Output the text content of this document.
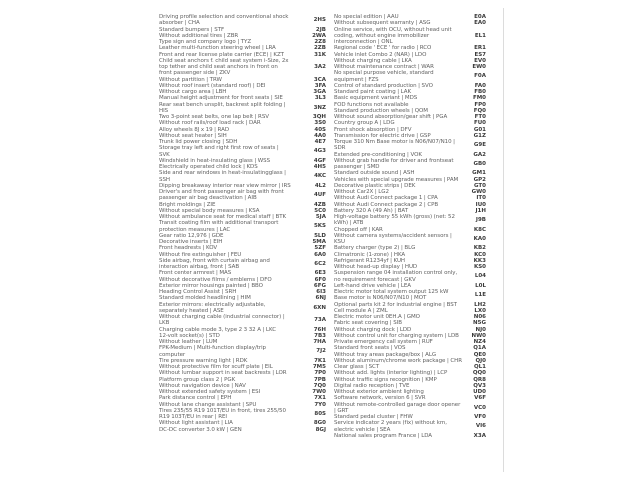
Driving profile selection and conventional shock absorber | CHA
2HS
Standard bumpers | STF	2JB
Without additional tires | ZBR	2WA
Type sign and company logo | TYZ	2Z8
Leather multi-function steering wheel | LRA	2ZB
Front and rear license plate carrier (ECE) | KZT	31K
Child seat anchors f. child seat system i-Size, 2x top tether and child seat anchors in front on front passenger side | ZKV
3A2
Without partition | TRW	3CA
Without roof insert (standard roof) | DEI	3FA
Without cargo area | LBH	3GA
Manual height adjustment for front seats | SIE	3L3
Rear seat bench unsplit, backrest split folding | HIS
3NZ
Two 3-point seat belts, one lap belt | RSV	3QH
Without roof rails/roof load rack | DAR	3S0
Alloy wheels 8J x 19 | RAD	40S
Without seat heater | SIH	4A0
Trunk lid power closing | SDH	4E7
Storage tray left and right first row of seats | SVK
4G3
Windshield in heat-insulating glass | WSS	4GF
Electrically operated child lock | KDS	4H5
Side and rear windows in heat-insulatingglass | SSH
4KC
Dipping breakaway interior rear view mirror | IRS	4L2
Driver's and front passenger air bag with front passenger air bag deactivation | AIB
4UF
Bright moldings | ZIE	4ZB
Without special body measures | KSA	5C0
Without ambulance seat for medical staff | BTK	5JA
Transit coating film with additional transport protection measures | LAC
5KS
Gear ratio 12,976 | GDE	5LD
Decorative inserts | EIH	5MA
Front headrests | KOV	5ZF
Without fire extinguisher | FEU	6A0
Side airbag, front with curtain airbag and interaction airbag, front | SAB
6C2
Front center armrest | MAS	6E3
Without decorative films / emblems | DFO	6F0
Exterior mirror housings painted | BBO	6FG
Heading Control Assist | SRH	6I3
Standard molded headlining | HIM	6NJ
Exterior mirrors: electrically adjustable, separately heated | ASE
6XN
Without charging cable (industrial connector) | LKB
73A
Charging cable mode 3, type 2 3 32 A | LKC	76H
12-volt socket(s) | STD	7B3
Without leather | LUM	7HA
FPK-Medium | Multi-function display/trip computer
7J2
Tire pressure warning light | RDK	7K1
Without protective film for scuff plate | EIL	7M5
Without lumbar support in seat backrests | LOR	7P0
Platform group class 2 | PGK	7PB
Without navigation device | NAV	7Q0
Without extended safety system | ESI	7W0
Park distance control | EPH	7X1
Without lane change assistant | SPU	7Y0
Tires 235/55 R19 101T/EU in front, tires 255/50 R19 103T/EU in rear | REI
80S
Without light assistant | LIA	8G0
DC-DC converter 3.0 kW | GEN	8GJ
No special edition | AAU	E0A
Without subsequent warranty | ASG	EA0
Online service, with OCU, without head unit coding, without engine immobilizer interconnection | ONL
EL1
Regional code ' ECE ' for radio | RCO	ER1
Vehicle inlet Combo 2 (NAR) | LDO	ES7
Without charging cable | LKA	EV0
Without maintenance contract | WAR	EW0
No special purpose vehicle, standard equipment | FZS
F0A
Control of standard production | SVO	FA0
Standard paint coating | LAK	FB0
Basic equipment variant | MDS	FM0
FOD functions not available	FP0
Standard production wheels | QOM	FQ0
Without sound absorption/gear shift | PGA	FT0
Country group A | LDG	FU0
Front shock absorption | DFV	G01
Transmission for electric drive | GSP	G1Z
Torque 310 Nm Base motor is N06/N07/N10 | SDR
G9E
Extended pre-conditioning | VOK	GA2
Without grab handle for driver and frontseat passenger | SMD
GB0
Standard outside sound | ASH	GM1
Vehicles with special upgrade measures | PAM	GP2
Decorative plastic strips | DEK	GT0
Without Car2X | LG2	GW0
Without Audi Connect package 1 | CPA	IT0
Without Audi Connect package 2 | CPB	IU0
Battery 320 A (49 Ah) | BAT	J1H
High-voltage battery 55 kWh (gross) (net: 52 kWh) | ATB
J9B
Chopped off | KAR	K8C
Without camera systems/accident sensors | KSU
KA0
Battery charger (type 2) | BLG	KB2
Climatronic (1-zone) | HKA	KC0
Refrigerant R1234yf | KUH	KK3
Without head-up display | HUD	KS0
Suspension range 04 installation control only, no requirement forecast | GKV
L04
Left-hand drive vehicle | LEA	L0L
Electric motor total system output 125 kW Base motor is N06/N07/N10 | MOT
L1E
Optional parts kit 2 for industrial engine | BST	LH2
Cell module A | ZML	LX0
Electric motor unit 0EH.A | GMO	N06
Fabric seat covering | SIB	N5G
Without charging dock | LDD	NJ0
Without control unit for charging system | LDB	NW0
Private emergency call system | RUF	NZ4
Standard front seats | VOS	Q1A
Without tray areas package/box | ALG	QE0
Without aluminum/chrome work package | CHR	QJ0
Clear glass | SCT	QL1
Without add. lights (interior lighting) | LCP	QQ0
Without traffic signs recognition | KMP	QR8
Digital radio reception | TVE	QV3
Without exterior ambient lighting	UD0
Software network, version 6 | SVR	V6F
Without remote-controlled garage door opener | GRT
VC0
Standard pedal cluster | FHW	VF0
Service indicator 2 years (fix) without km, electric vehicle | SEA
VI6
National sales program France | LDA	X3A
